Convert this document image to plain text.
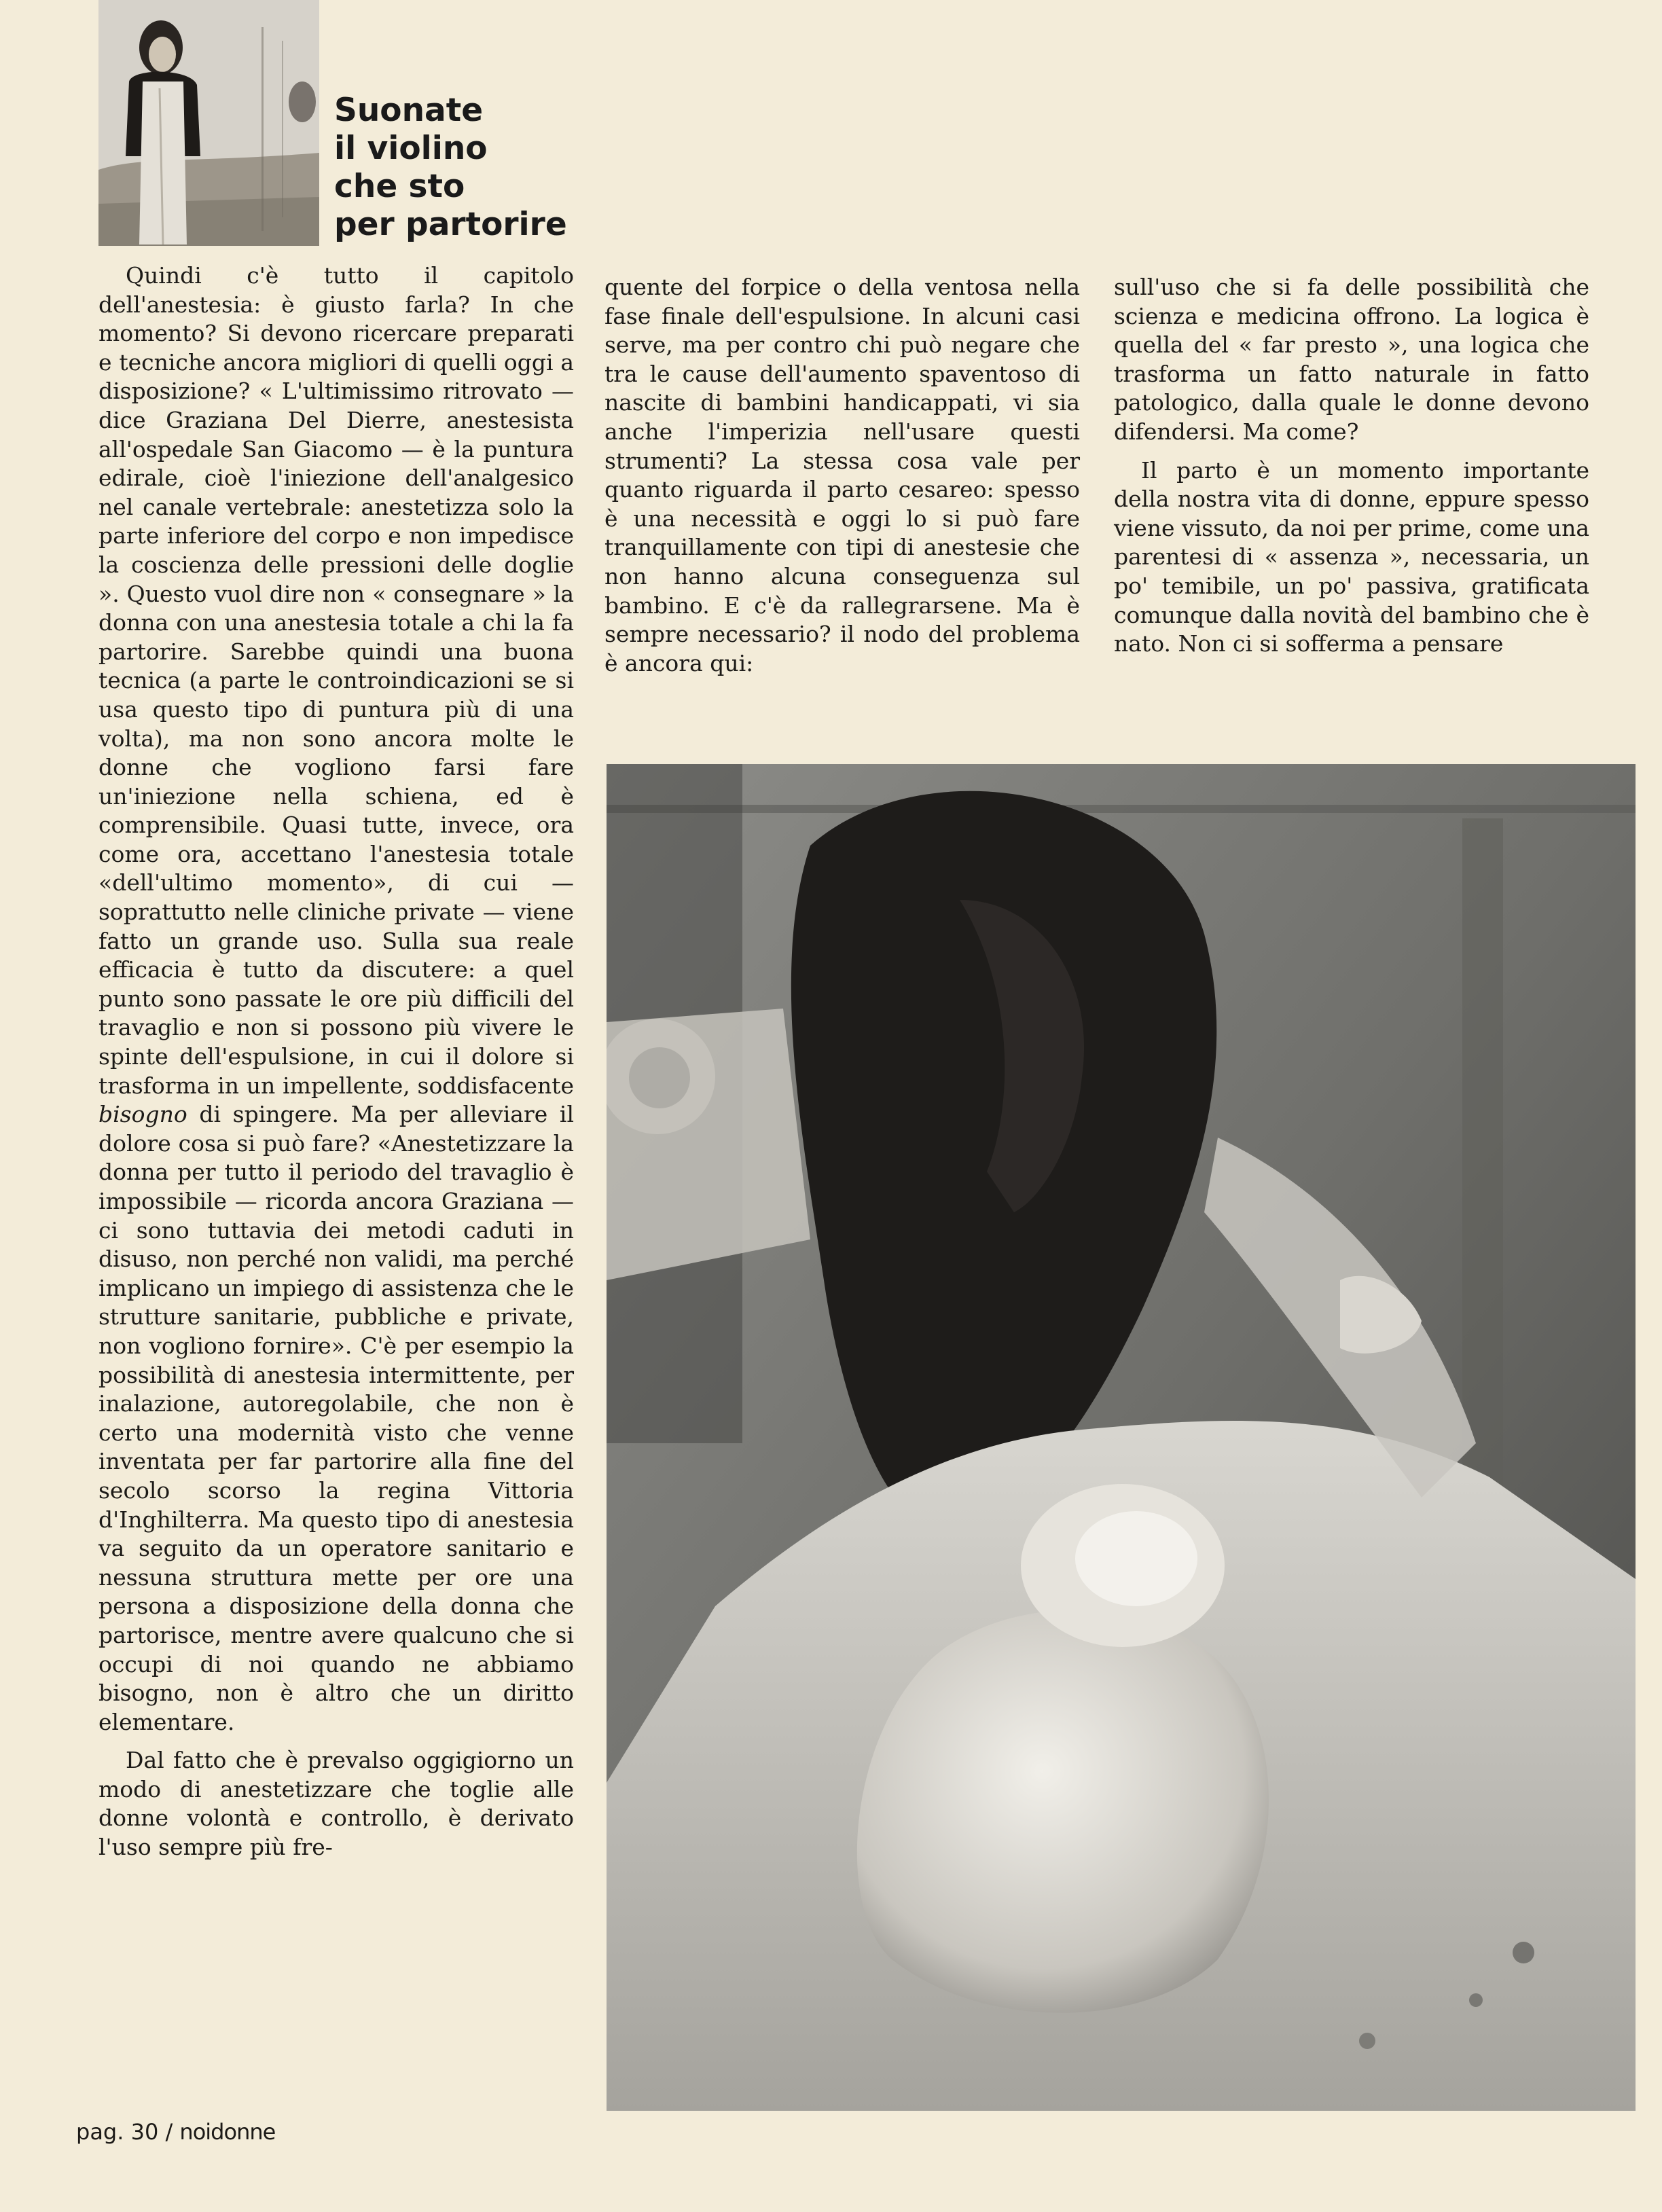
Suonate
il violino
che sto
per partorire

Quindi c'è tutto il capitolo dell'anestesia: è giusto farla? In che momento? Si devono ricercare preparati e tecniche ancora migliori di quelli oggi a disposizione? « L'ultimissimo ritrovato — dice Graziana Del Dierre, anestesista all'ospedale San Giacomo — è la puntura edirale, cioè l'iniezione dell'analgesico nel canale vertebrale: anestetizza solo la parte inferiore del corpo e non impedisce la coscienza delle pressioni delle doglie ». Questo vuol dire non « consegnare » la donna con una anestesia totale a chi la fa partorire. Sarebbe quindi una buona tecnica (a parte le controindicazioni se si usa questo tipo di puntura più di una volta), ma non sono ancora molte le donne che vogliono farsi fare un'iniezione nella schiena, ed è comprensibile. Quasi tutte, invece, ora come ora, accettano l'anestesia totale «dell'ultimo momento», di cui — soprattutto nelle cliniche private — viene fatto un grande uso. Sulla sua reale efficacia è tutto da discutere: a quel punto sono passate le ore più difficili del travaglio e non si possono più vivere le spinte dell'espulsione, in cui il dolore si trasforma in un impellente, soddisfacente bisogno di spingere. Ma per alleviare il dolore cosa si può fare? «Anestetizzare la donna per tutto il periodo del travaglio è impossibile — ricorda ancora Graziana — ci sono tuttavia dei metodi caduti in disuso, non perché non validi, ma perché implicano un impiego di assistenza che le strutture sanitarie, pubbliche e private, non vogliono fornire». C'è per esempio la possibilità di anestesia intermittente, per inalazione, autoregolabile, che non è certo una modernità visto che venne inventata per far partorire alla fine del secolo scorso la regina Vittoria d'Inghilterra. Ma questo tipo di anestesia va seguito da un operatore sanitario e nessuna struttura mette per ore una persona a disposizione della donna che partorisce, mentre avere qualcuno che si occupi di noi quando ne abbiamo bisogno, non è altro che un diritto elementare.

Dal fatto che è prevalso oggigiorno un modo di anestetizzare che toglie alle donne volontà e controllo, è derivato l'uso sempre più fre-

quente del forpice o della ventosa nella fase finale dell'espulsione. In alcuni casi serve, ma per contro chi può negare che tra le cause dell'aumento spaventoso di nascite di bambini handicappati, vi sia anche l'imperizia nell'usare questi strumenti? La stessa cosa vale per quanto riguarda il parto cesareo: spesso è una necessità e oggi lo si può fare tranquillamente con tipi di anestesie che non hanno alcuna conseguenza sul bambino. E c'è da rallegrarsene. Ma è sempre necessario? il nodo del problema è ancora qui:

sull'uso che si fa delle possibilità che scienza e medicina offrono. La logica è quella del « far presto », una logica che trasforma un fatto naturale in fatto patologico, dalla quale le donne devono difendersi. Ma come?

Il parto è un momento importante della nostra vita di donne, eppure spesso viene vissuto, da noi per prime, come una parentesi di « assenza », necessaria, un po' temibile, un po' passiva, gratificata comunque dalla novità del bambino che è nato. Non ci si sofferma a pensare

pag. 30 / noidonne
